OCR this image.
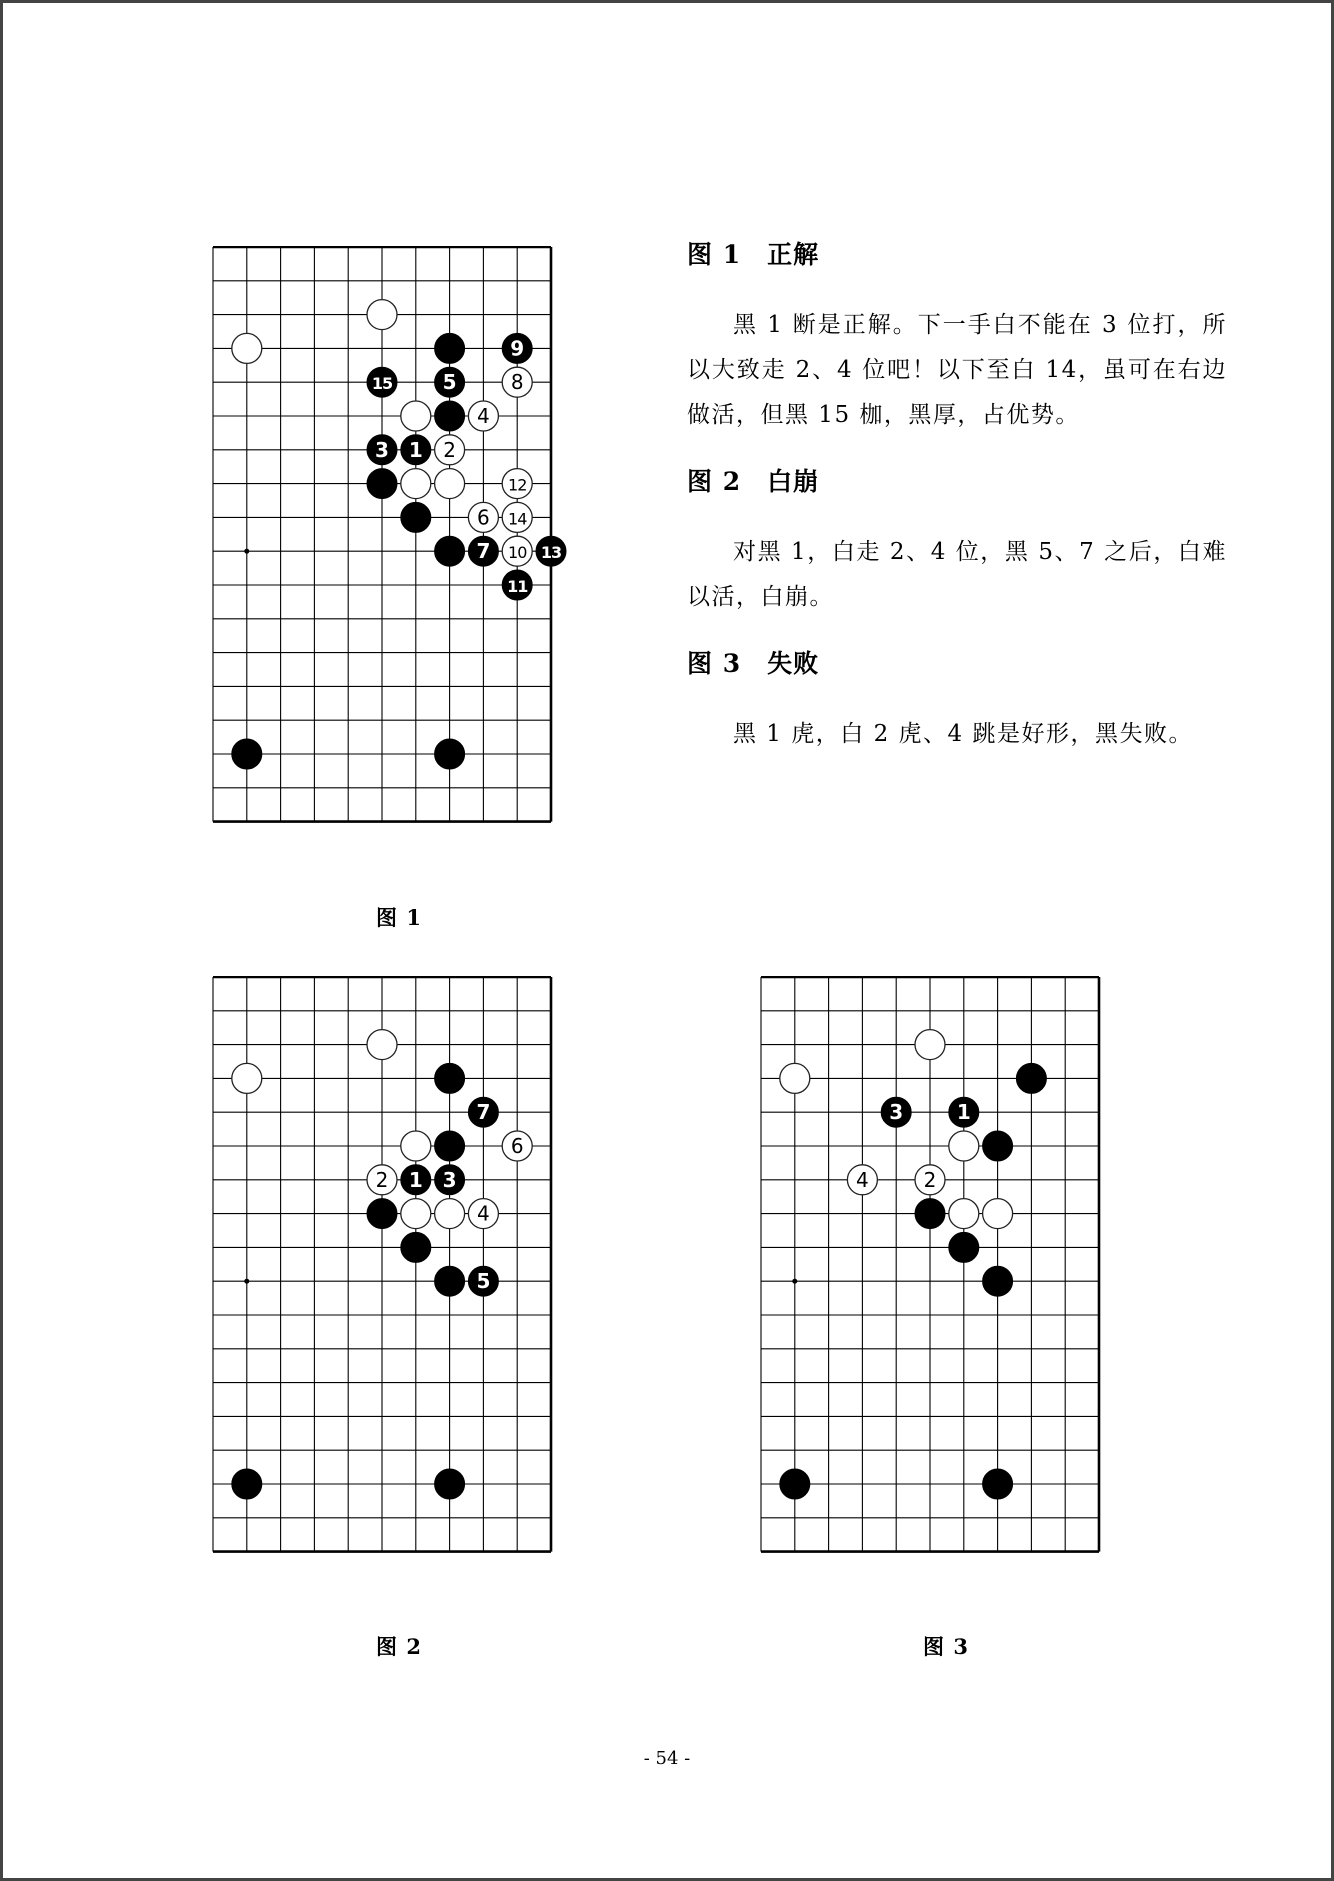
9
15	5	8
4
3 1 2
12
6 14
7 10 13
11
图 1
图 1 正解

黑 1 断是正解。下一手白不能在 3 位打，所以大致走 2、4 位吧！以下至白 14，虽可在右边做活，但黑 15 枷，黑厚，占优势。

图 2 白崩

对黑 1，白走 2、4 位，黑 5、7 之后，白难以活，白崩。

图 3 失败

黑 1 虎，白 2 虎、4 跳是好形，黑失败。

7
6
2 1 3
4
5
图 2
3	1
4	2
图 3
- 54 -
